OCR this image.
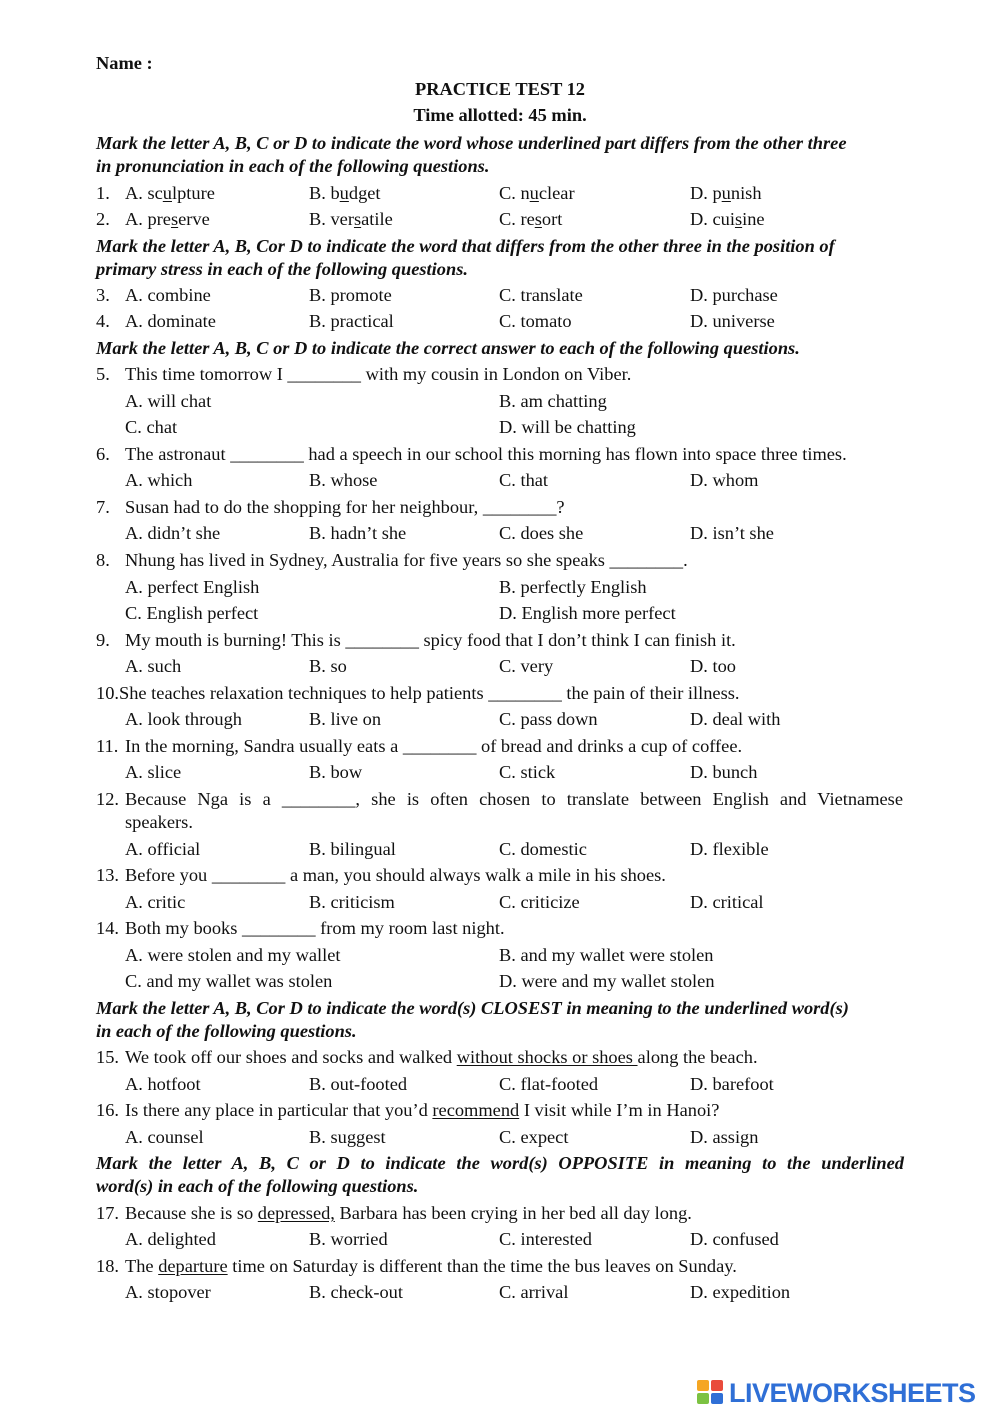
Name :
PRACTICE TEST 12
Time allotted: 45 min.
Mark the letter A, B, C or D to indicate the word whose underlined part differs from the other three
in pronunciation in each of the following questions.
1. A. sculpture	B. budget	C. nuclear	D. punish
2. A. preserve	B. versatile	C. resort	D. cuisine
Mark the letter A, B, Cor D to indicate the word that differs from the other three in the position of
primary stress in each of the following questions.
3. A. combine	B. promote	C. translate	D. purchase
4. A. dominate	B. practical	C. tomato	D. universe
Mark the letter A, B, C or D to indicate the correct answer to each of the following questions.
5. This time tomorrow I ________ with my cousin in London on Viber.
A. will chat	B. am chatting
C. chat	D. will be chatting
6. The astronaut ________ had a speech in our school this morning has flown into space three times.
A. which	B. whose	C. that	D. whom
7. Susan had to do the shopping for her neighbour, ________?
A. didn’t she	B. hadn’t she	C. does she	D. isn’t she
8. Nhung has lived in Sydney, Australia for five years so she speaks ________.
A. perfect English	B. perfectly English
C. English perfect	D. English more perfect
9. My mouth is burning! This is ________ spicy food that I don’t think I can finish it.
A. such	B. so	C. very	D. too
10.She teaches relaxation techniques to help patients ________ the pain of their illness.
A. look through	B. live on	C. pass down	D. deal with
11. In the morning, Sandra usually eats a ________ of bread and drinks a cup of coffee.
A. slice	B. bow	C. stick	D. bunch
12. Because Nga is a ________, she is often chosen to translate between English and Vietnamese
speakers.
A. official	B. bilingual	C. domestic	D. flexible
13. Before you ________ a man, you should always walk a mile in his shoes.
A. critic	B. criticism	C. criticize	D. critical
14. Both my books ________ from my room last night.
A. were stolen and my wallet	B. and my wallet were stolen
C. and my wallet was stolen	D. were and my wallet stolen
Mark the letter A, B, Cor D to indicate the word(s) CLOSEST in meaning to the underlined word(s)
in each of the following questions.
15. We took off our shoes and socks and walked without shocks or shoes along the beach.
A. hotfoot	B. out-footed	C. flat-footed	D. barefoot
16. Is there any place in particular that you’d recommend I visit while I’m in Hanoi?
A. counsel	B. suggest	C. expect	D. assign
Mark the letter A, B, C or D to indicate the word(s) OPPOSITE in meaning to the underlined
word(s) in each of the following questions.
17. Because she is so depressed, Barbara has been crying in her bed all day long.
A. delighted	B. worried	C. interested	D. confused
18. The departure time on Saturday is different than the time the bus leaves on Sunday.
A. stopover	B. check-out	C. arrival	D. expedition
LIVEWORKSHEETS
